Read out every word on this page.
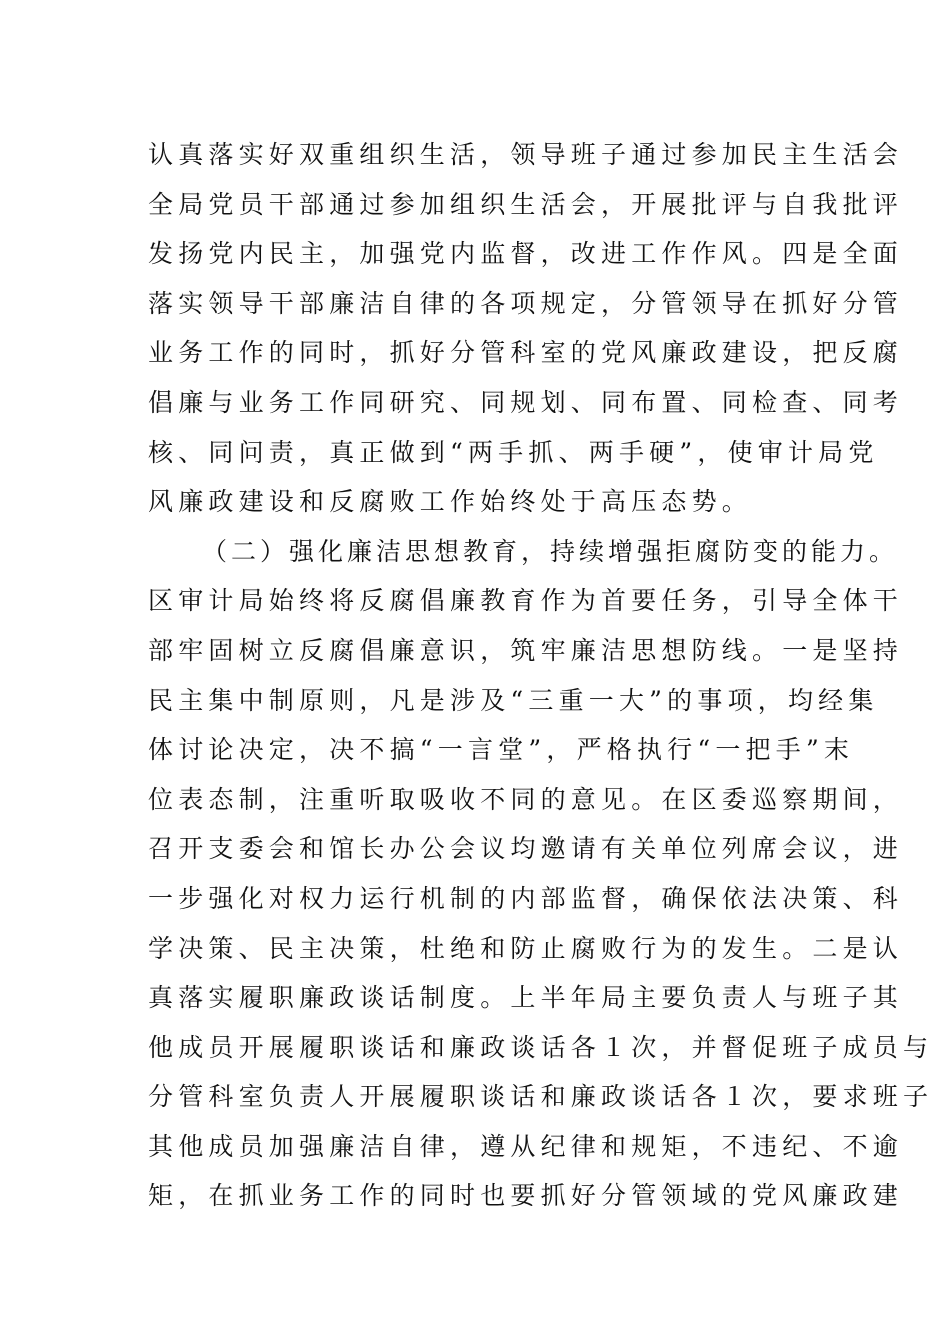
认真落实好双重组织生活，领导班子通过参加民主生活会
全局党员干部通过参加组织生活会，开展批评与自我批评
发扬党内民主，加强党内监督，改进工作作风。四是全面
落实领导干部廉洁自律的各项规定，分管领导在抓好分管
业务工作的同时，抓好分管科室的党风廉政建设，把反腐
倡廉与业务工作同研究、同规划、同布置、同检查、同考
核、同问责，真正做到“两手抓、两手硬”，使审计局党
风廉政建设和反腐败工作始终处于高压态势。
（二）强化廉洁思想教育，持续增强拒腐防变的能力。
区审计局始终将反腐倡廉教育作为首要任务，引导全体干
部牢固树立反腐倡廉意识，筑牢廉洁思想防线。一是坚持
民主集中制原则，凡是涉及“三重一大”的事项，均经集
体讨论决定，决不搞“一言堂”，严格执行“一把手”末
位表态制，注重听取吸收不同的意见。在区委巡察期间，
召开支委会和馆长办公会议均邀请有关单位列席会议，进
一步强化对权力运行机制的内部监督，确保依法决策、科
学决策、民主决策，杜绝和防止腐败行为的发生。二是认
真落实履职廉政谈话制度。上半年局主要负责人与班子其
他成员开展履职谈话和廉政谈话各１次，并督促班子成员与
分管科室负责人开展履职谈话和廉政谈话各１次，要求班子
其他成员加强廉洁自律，遵从纪律和规矩，不违纪、不逾
矩，在抓业务工作的同时也要抓好分管领域的党风廉政建
